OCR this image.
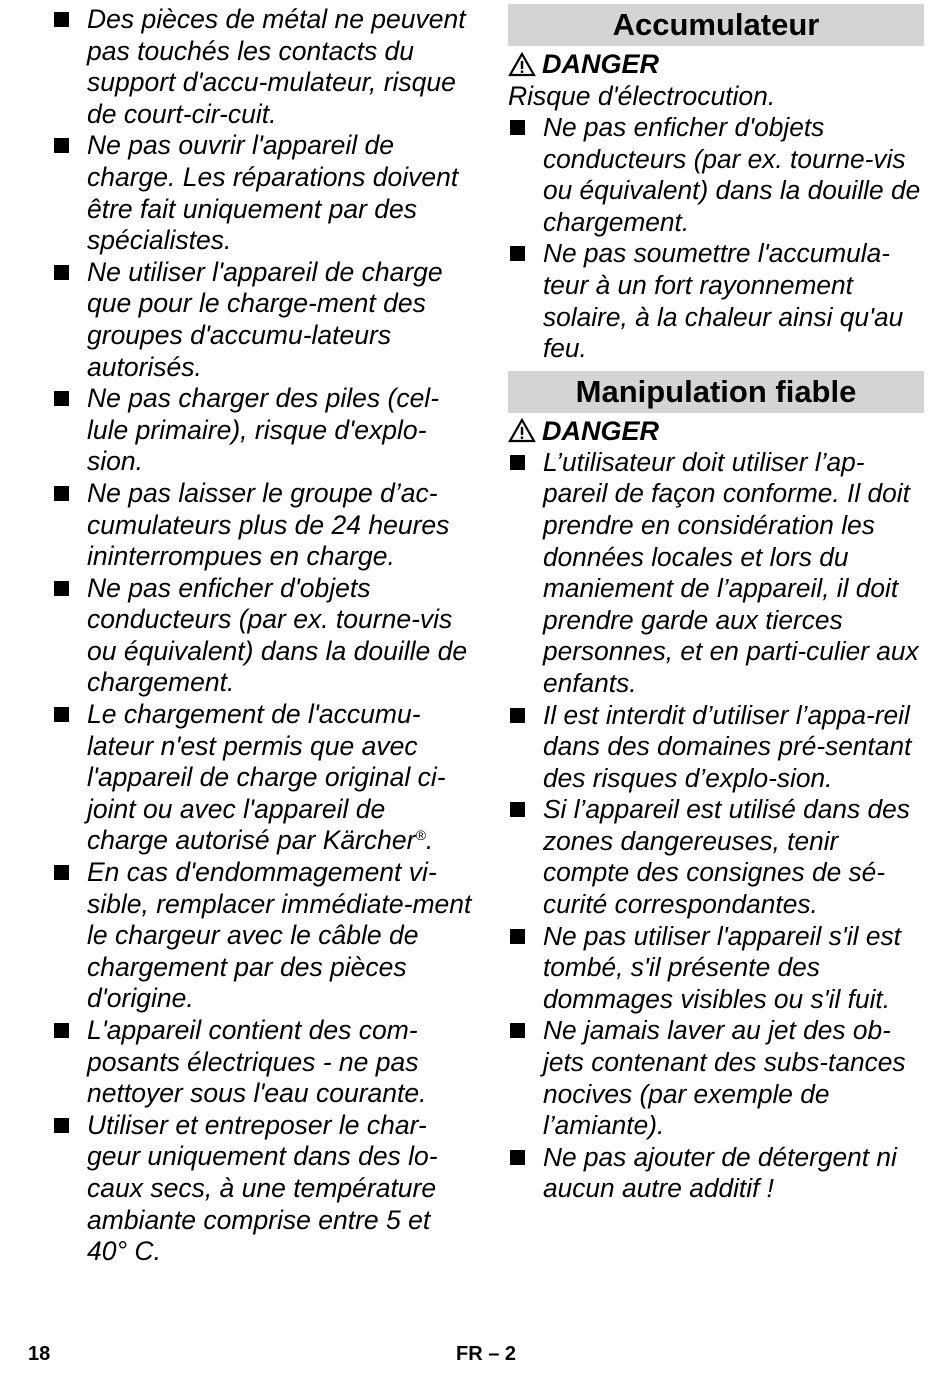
Des pièces de métal ne peuvent pas touchés les contacts du support d'accu-mulateur, risque de court-cir-cuit.
Ne pas ouvrir l'appareil de charge. Les réparations doivent être fait uniquement par des spécialistes.
Ne utiliser l'appareil de charge que pour le charge-ment des groupes d'accumu-lateurs autorisés.
Ne pas charger des piles (cel-lule primaire), risque d'explo-sion.
Ne pas laisser le groupe d’ac-cumulateurs plus de 24 heures ininterrompues en charge.
Ne pas enficher d'objets conducteurs (par ex. tourne-vis ou équivalent) dans la douille de chargement.
Le chargement de l'accumu-lateur n'est permis que avec l'appareil de charge original ci-joint ou avec l'appareil de charge autorisé par Kärcher®.
En cas d'endommagement vi-sible, remplacer immédiate-ment le chargeur avec le câble de chargement par des pièces d'origine.
L'appareil contient des com-posants électriques - ne pas nettoyer sous l'eau courante.
Utiliser et entreposer le char-geur uniquement dans des lo-caux secs, à une température ambiante comprise entre 5 et 40° C.
Accumulateur
DANGER
Risque d'électrocution.
Ne pas enficher d'objets conducteurs (par ex. tourne-vis ou équivalent) dans la douille de chargement.
Ne pas soumettre l'accumula-teur à un fort rayonnement solaire, à la chaleur ainsi qu'au feu.
Manipulation fiable
DANGER
L’utilisateur doit utiliser l’ap-pareil de façon conforme. Il doit prendre en considération les données locales et lors du maniement de l’appareil, il doit prendre garde aux tierces personnes, et en parti-culier aux enfants.
Il est interdit d’utiliser l’appa-reil dans des domaines pré-sentant des risques d’explo-sion.
Si l’appareil est utilisé dans des zones dangereuses, tenir compte des consignes de sé-curité correspondantes.
Ne pas utiliser l'appareil s'il est tombé, s'il présente des dommages visibles ou s'il fuit.
Ne jamais laver au jet des ob-jets contenant des subs-tances nocives (par exemple de l’amiante).
Ne pas ajouter de détergent ni aucun autre additif !
18	FR – 2
